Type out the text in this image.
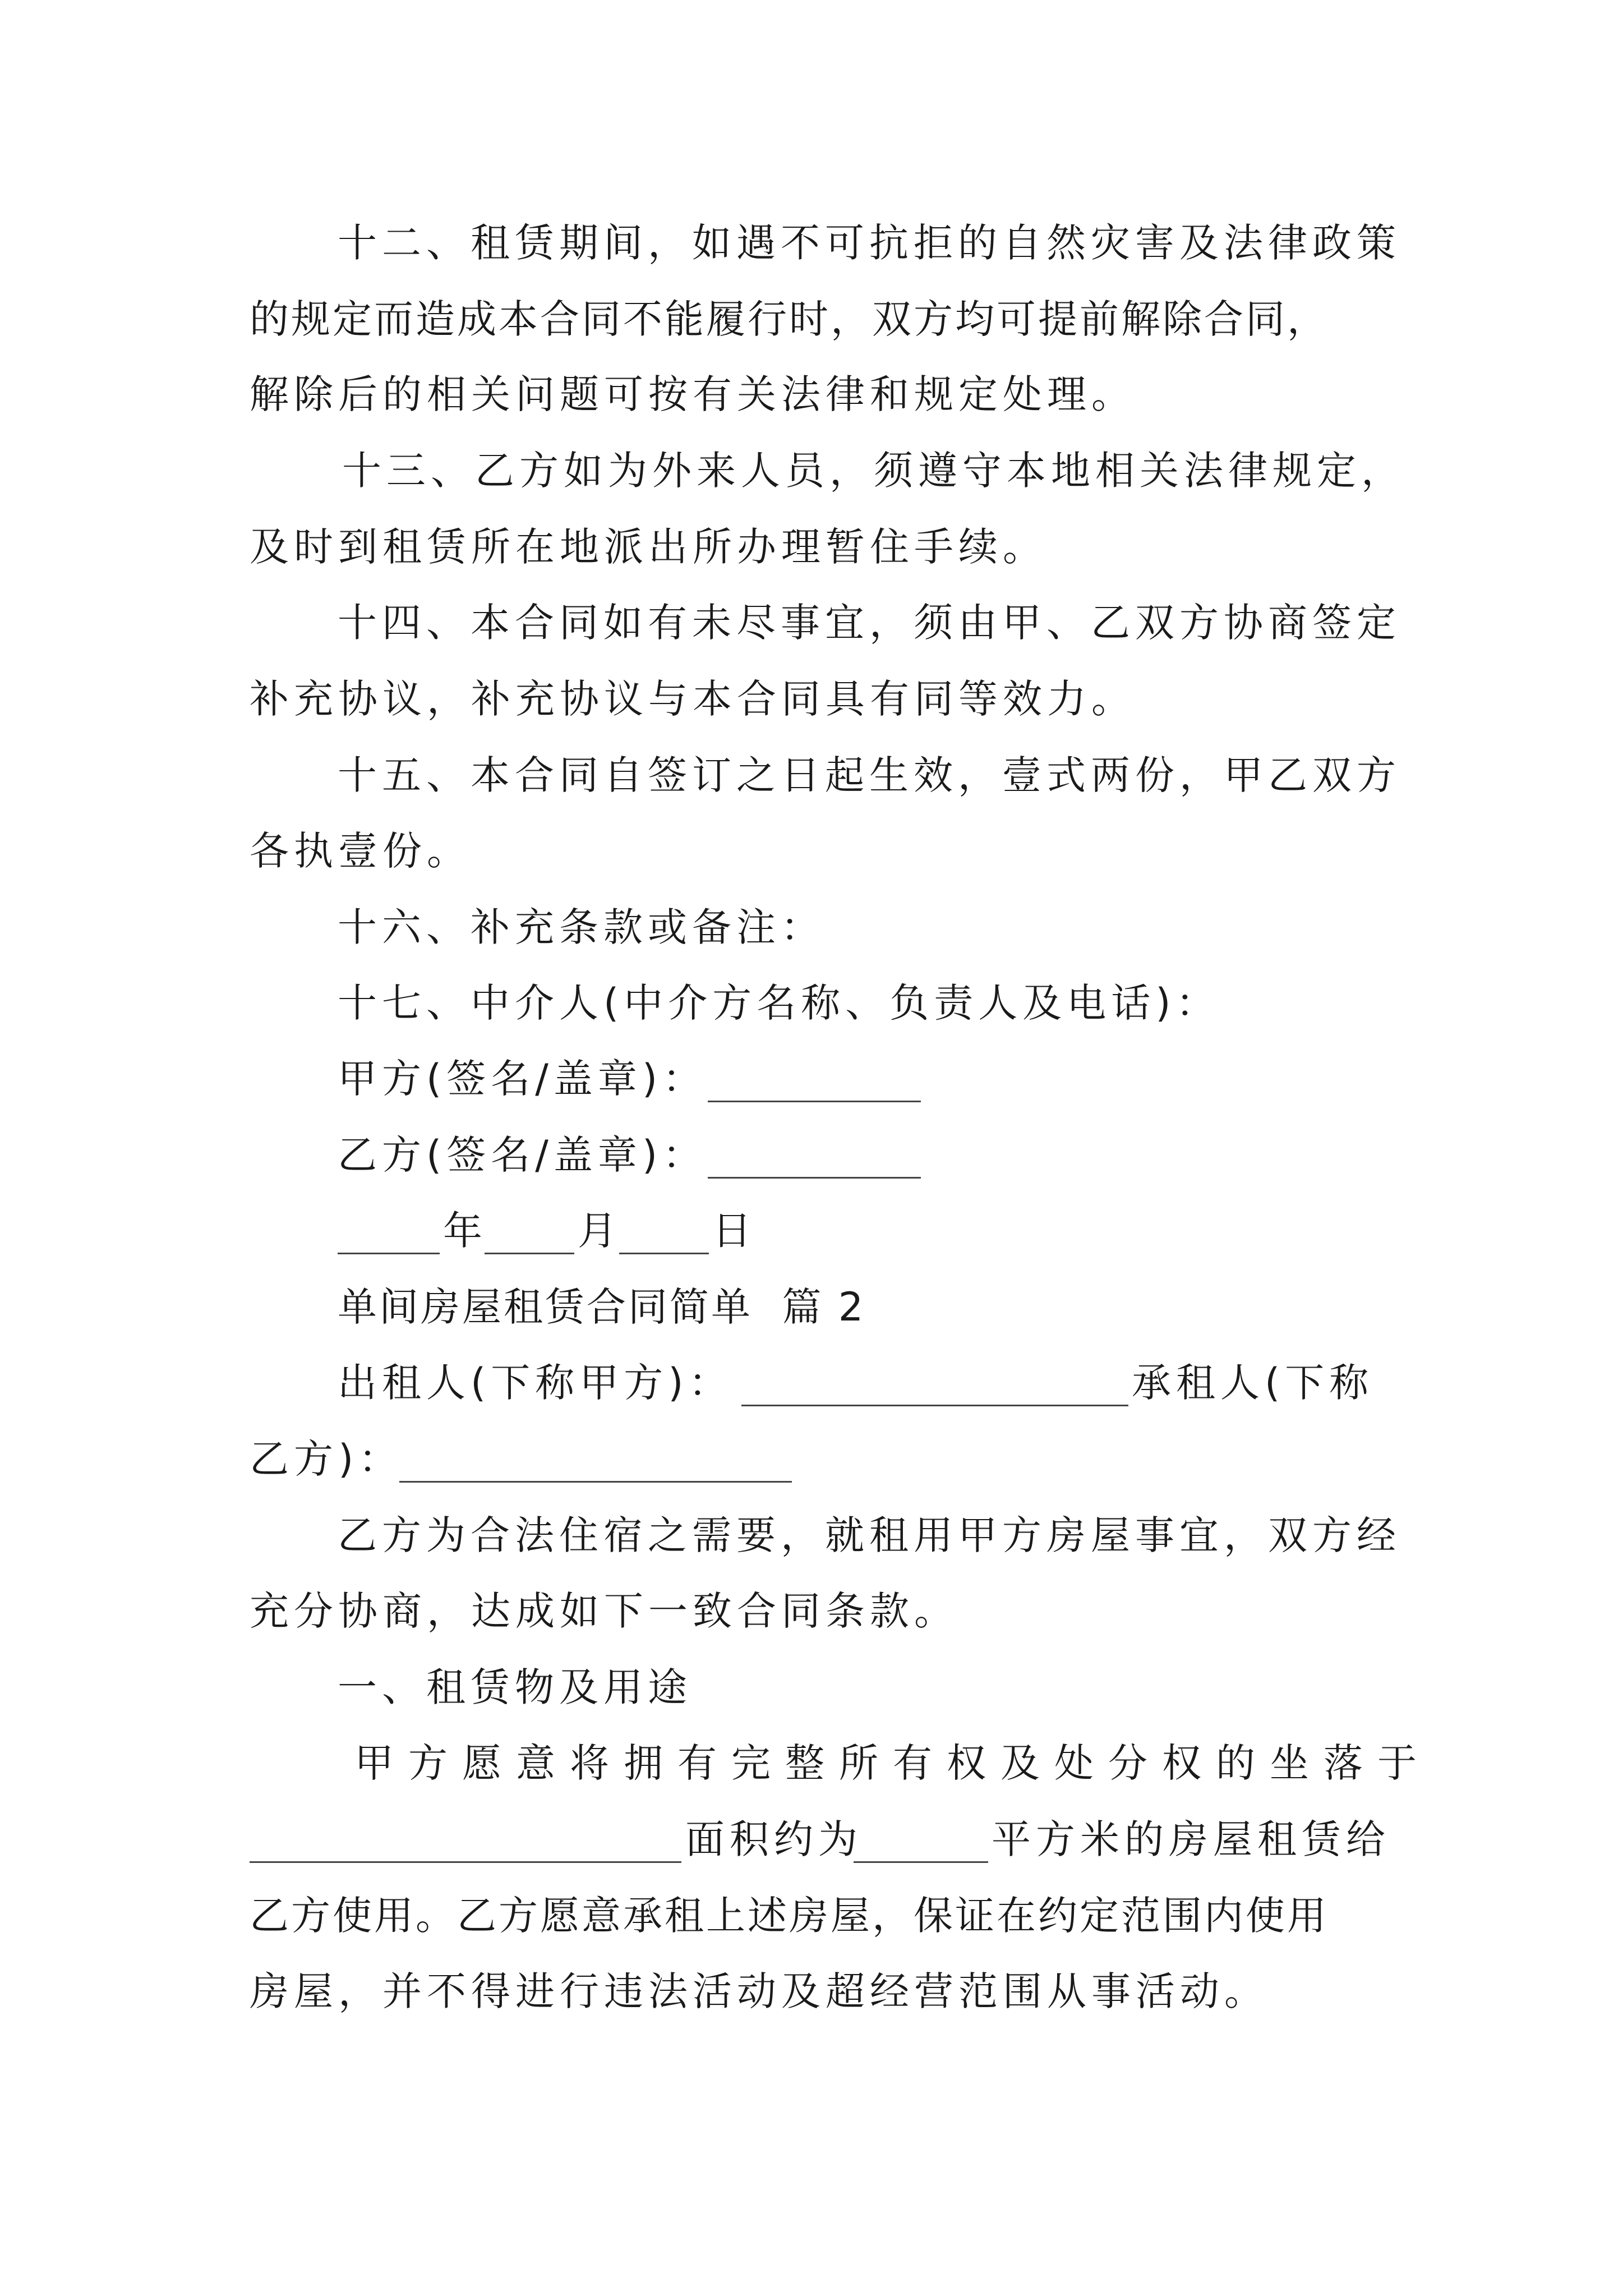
十二、租赁期间，如遇不可抗拒的自然灾害及法律政策
的规定而造成本合同不能履行时，双方均可提前解除合同，
解除后的相关问题可按有关法律和规定处理。
十三、乙方如为外来人员，须遵守本地相关法律规定，
及时到租赁所在地派出所办理暂住手续。
十四、本合同如有未尽事宜，须由甲、乙双方协商签定
补充协议，补充协议与本合同具有同等效力。
十五、本合同自签订之日起生效，壹式两份，甲乙双方
各执壹份。
十六、补充条款或备注：
十七、中介人(中介方名称、负责人及电话)：
甲方(签名/盖章)：
乙方(签名/盖章)：
年 月 日
单间房屋租赁合同简单  篇 2
出租人(下称甲方)：	承租人(下称
乙方)：
乙方为合法住宿之需要，就租用甲方房屋事宜，双方经
充分协商，达成如下一致合同条款。
一、租赁物及用途
甲方愿意将拥有完整所有权及处分权的坐落于
面积约为	平方米的房屋租赁给
乙方使用。乙方愿意承租上述房屋，保证在约定范围内使用
房屋，并不得进行违法活动及超经营范围从事活动。
